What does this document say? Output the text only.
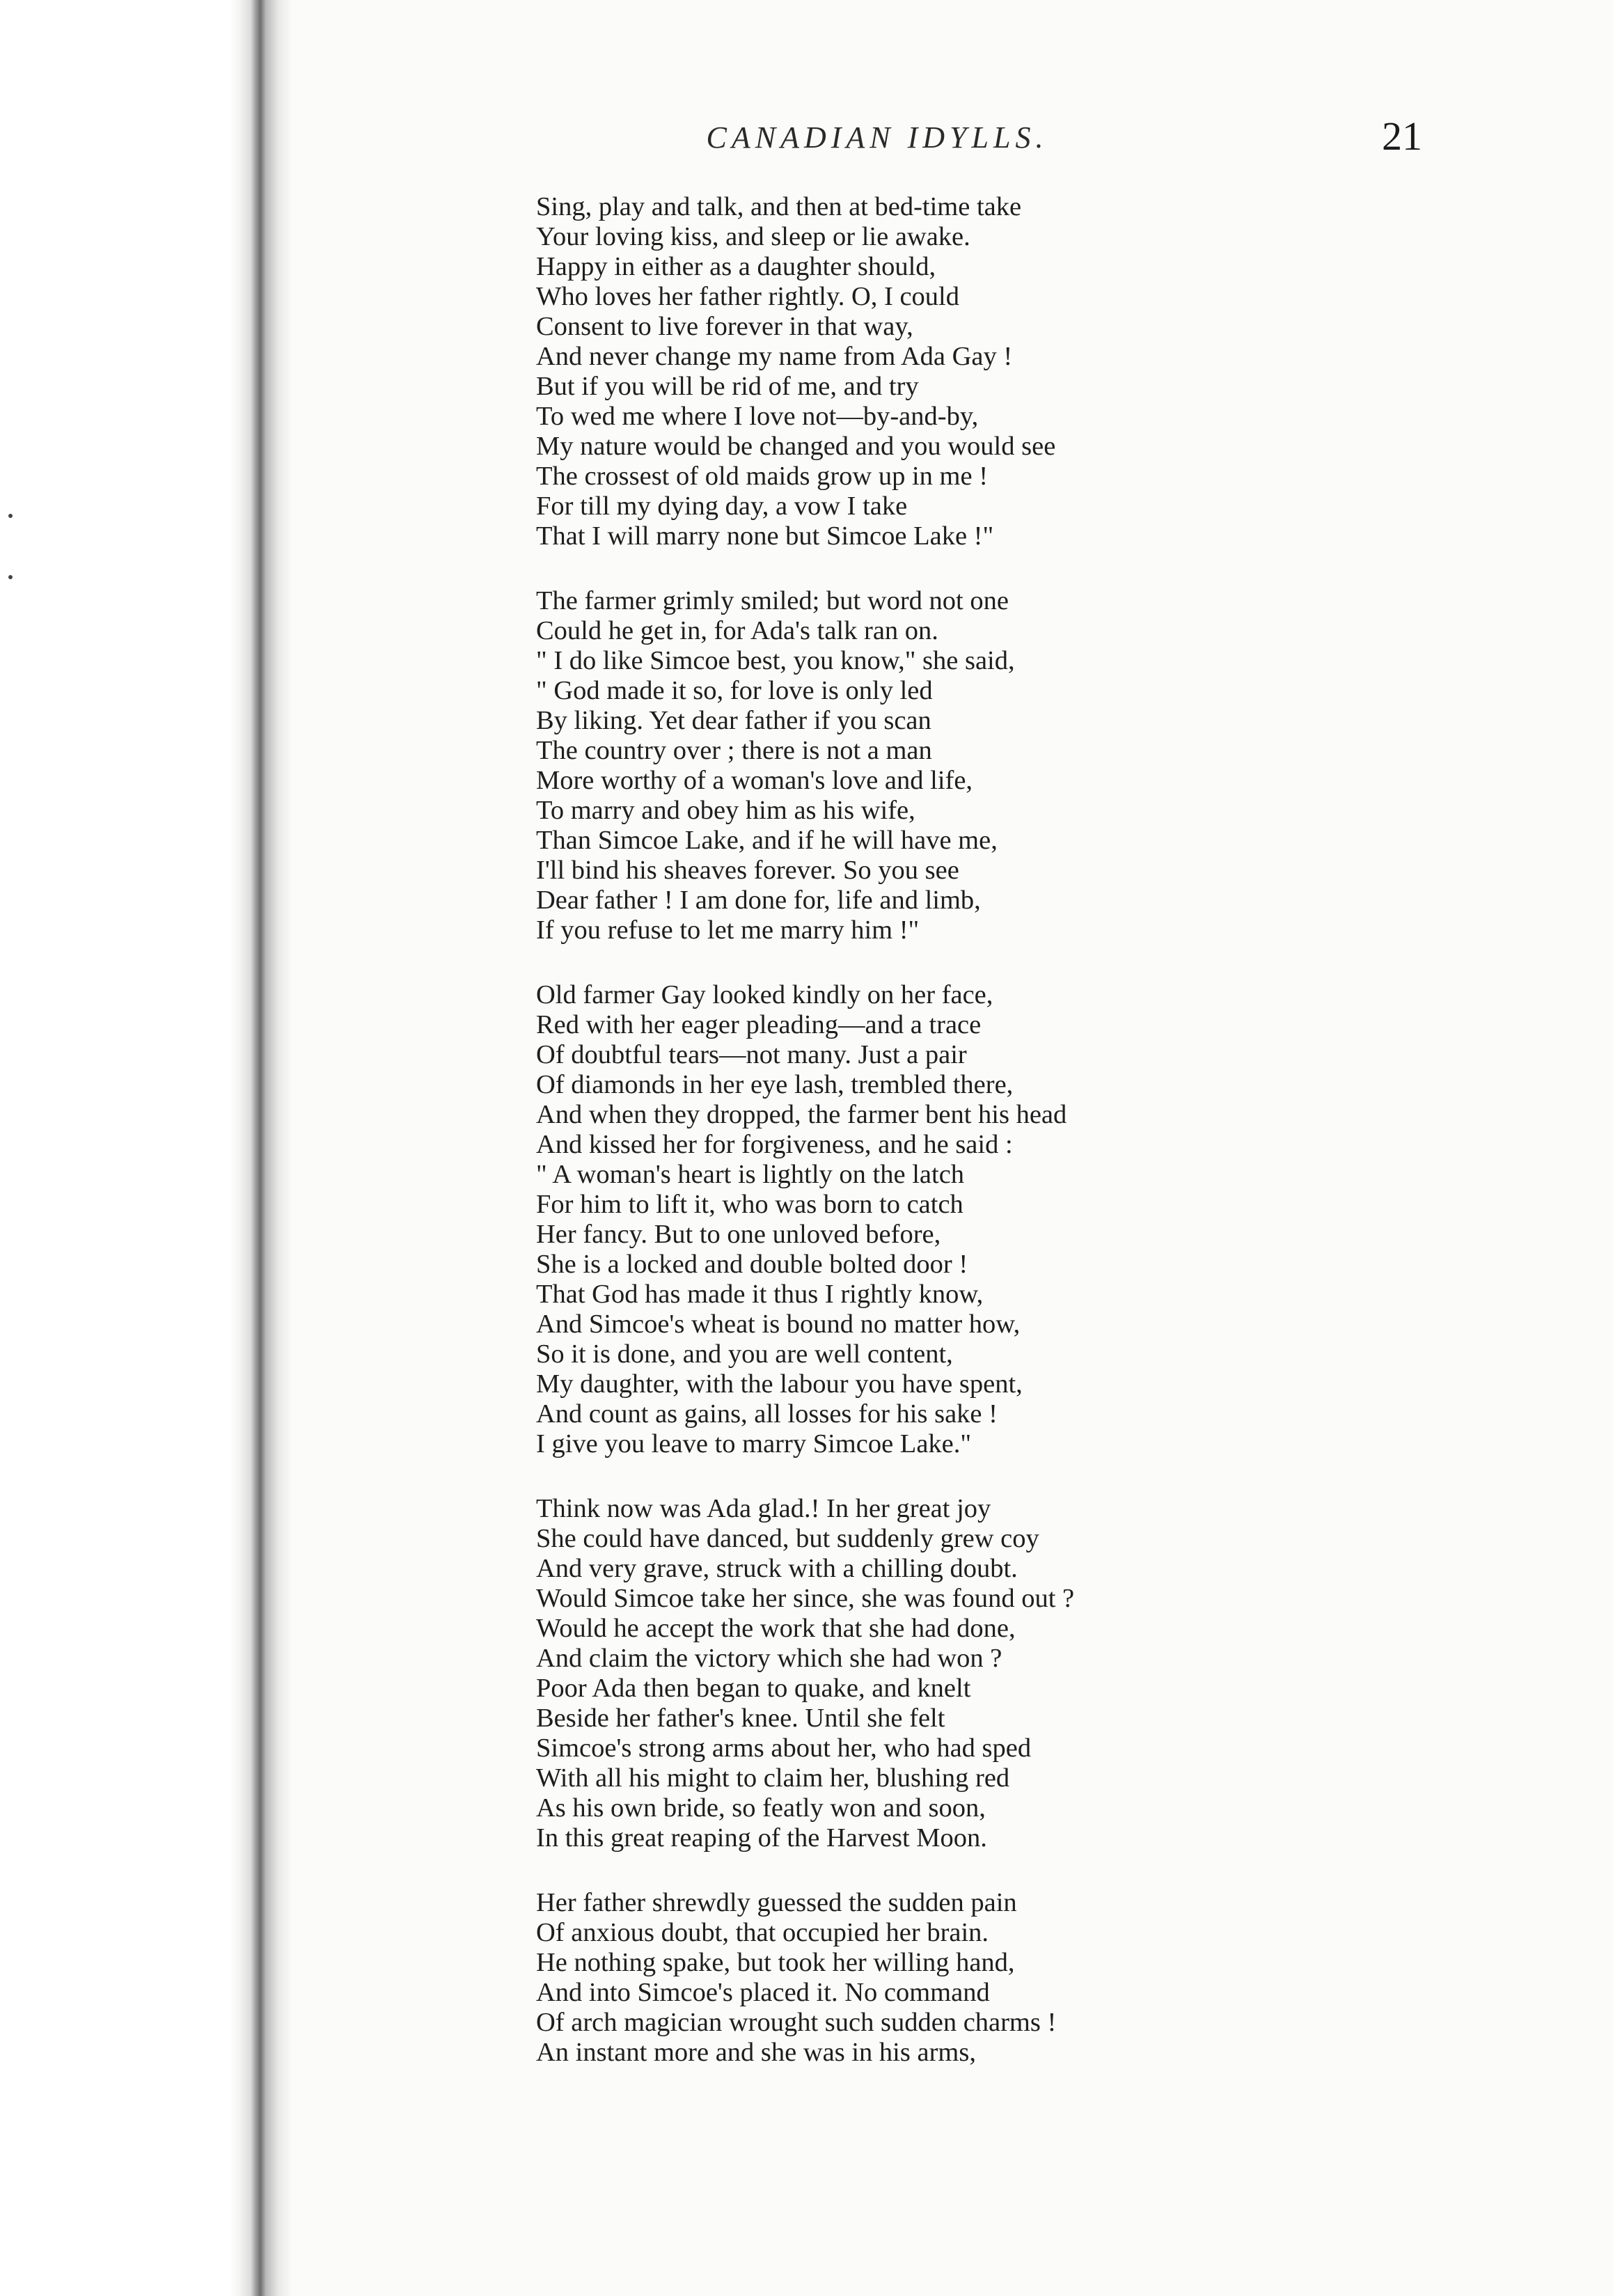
CANADIAN IDYLLS.	21
Sing, play and talk, and then at bed-time take
Your loving kiss, and sleep or lie awake.
Happy in either as a daughter should,
Who loves her father rightly. O, I could
Consent to live forever in that way,
And never change my name from Ada Gay !
But if you will be rid of me, and try
To wed me where I love not—by-and-by,
My nature would be changed and you would see
The crossest of old maids grow up in me !
For till my dying day, a vow I take
That I will marry none but Simcoe Lake !"
The farmer grimly smiled; but word not one
Could he get in, for Ada's talk ran on.
" I do like Simcoe best, you know," she said,
" God made it so, for love is only led
By liking. Yet dear father if you scan
The country over ; there is not a man
More worthy of a woman's love and life,
To marry and obey him as his wife,
Than Simcoe Lake, and if he will have me,
I'll bind his sheaves forever. So you see
Dear father ! I am done for, life and limb,
If you refuse to let me marry him !"
Old farmer Gay looked kindly on her face,
Red with her eager pleading—and a trace
Of doubtful tears—not many. Just a pair
Of diamonds in her eye lash, trembled there,
And when they dropped, the farmer bent his head
And kissed her for forgiveness, and he said :
" A woman's heart is lightly on the latch
For him to lift it, who was born to catch
Her fancy. But to one unloved before,
She is a locked and double bolted door !
That God has made it thus I rightly know,
And Simcoe's wheat is bound no matter how,
So it is done, and you are well content,
My daughter, with the labour you have spent,
And count as gains, all losses for his sake !
I give you leave to marry Simcoe Lake."
Think now was Ada glad.! In her great joy
She could have danced, but suddenly grew coy
And very grave, struck with a chilling doubt.
Would Simcoe take her since, she was found out ?
Would he accept the work that she had done,
And claim the victory which she had won ?
Poor Ada then began to quake, and knelt
Beside her father's knee. Until she felt
Simcoe's strong arms about her, who had sped
With all his might to claim her, blushing red
As his own bride, so featly won and soon,
In this great reaping of the Harvest Moon.
Her father shrewdly guessed the sudden pain
Of anxious doubt, that occupied her brain.
He nothing spake, but took her willing hand,
And into Simcoe's placed it. No command
Of arch magician wrought such sudden charms !
An instant more and she was in his arms,
